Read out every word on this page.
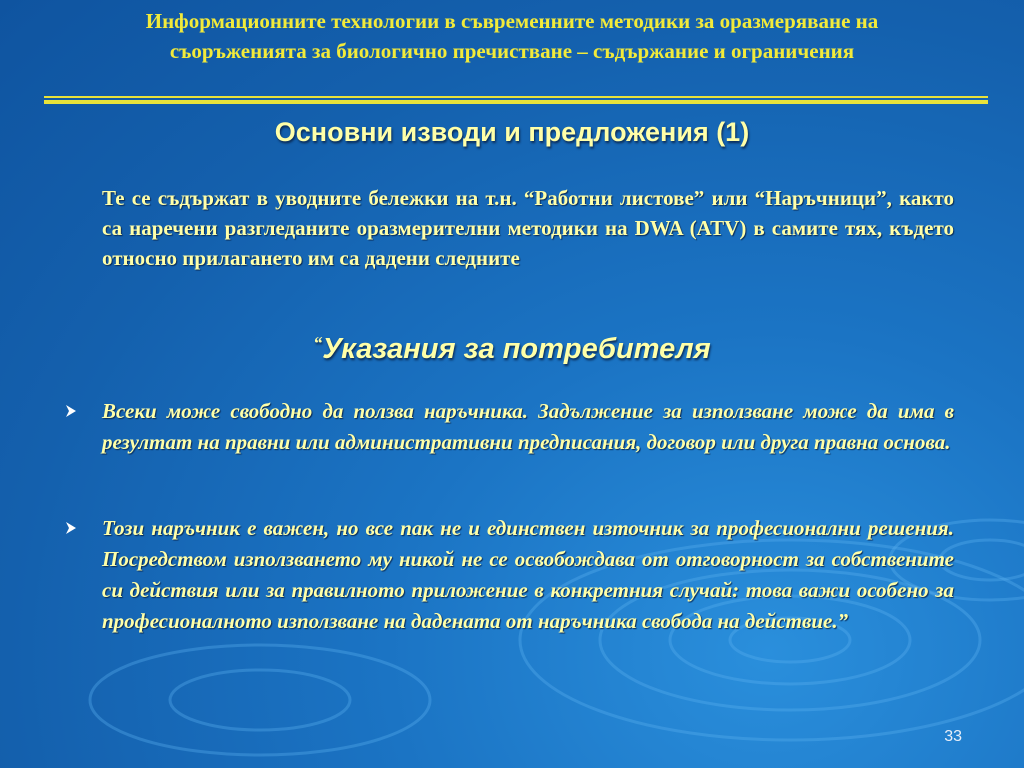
Информационните технологии в съвременните методики за оразмеряване на
съоръженията за биологично пречистване – съдържание и ограничения
Основни изводи и предложения (1)
Те се съдържат в уводните бележки на т.н. “Работни листове” или “Наръчници”, както са наречени разгледаните оразмерителни методики на DWA (ATV) в самите тях, където относно прилагането им са дадени следните
“Указания за потребителя
Всеки може свободно да ползва наръчника. Задължение за използване може да има в резултат на правни или административни предписания, договор или друга правна основа.
Този наръчник е важен, но все пак не и единствен източник за професионални решения. Посредством използването му никой не се освобождава от отговорност за собствените си действия или за правилното приложение в конкретния случай: това важи особено за професионалното използване на дадената от наръчника свобода на действие.”
33
